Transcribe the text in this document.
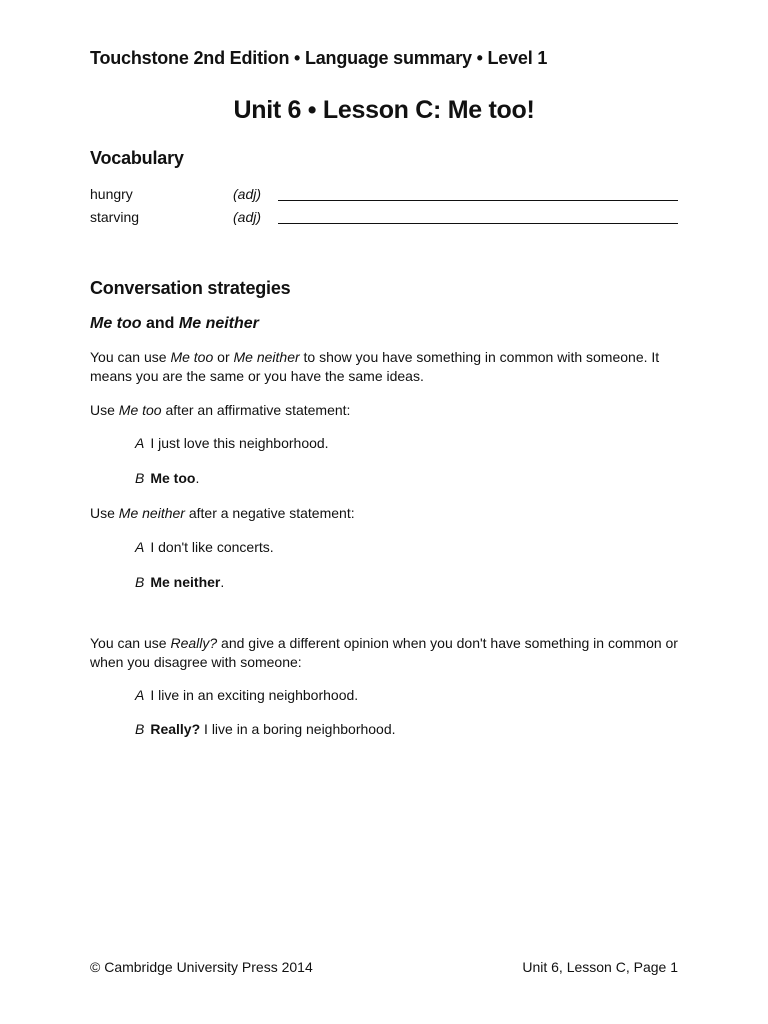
Touchstone 2nd Edition • Language summary • Level 1
Unit 6 • Lesson C: Me too!
Vocabulary
hungry	(adj)
starving	(adj)
Conversation strategies
Me too and Me neither
You can use Me too or Me neither to show you have something in common with someone. It means you are the same or you have the same ideas.
Use Me too after an affirmative statement:
A I just love this neighborhood.
B Me too.
Use Me neither after a negative statement:
A I don't like concerts.
B Me neither.
You can use Really? and give a different opinion when you don't have something in common or when you disagree with someone:
A I live in an exciting neighborhood.
B Really? I live in a boring neighborhood.
© Cambridge University Press 2014	Unit 6, Lesson C, Page 1
